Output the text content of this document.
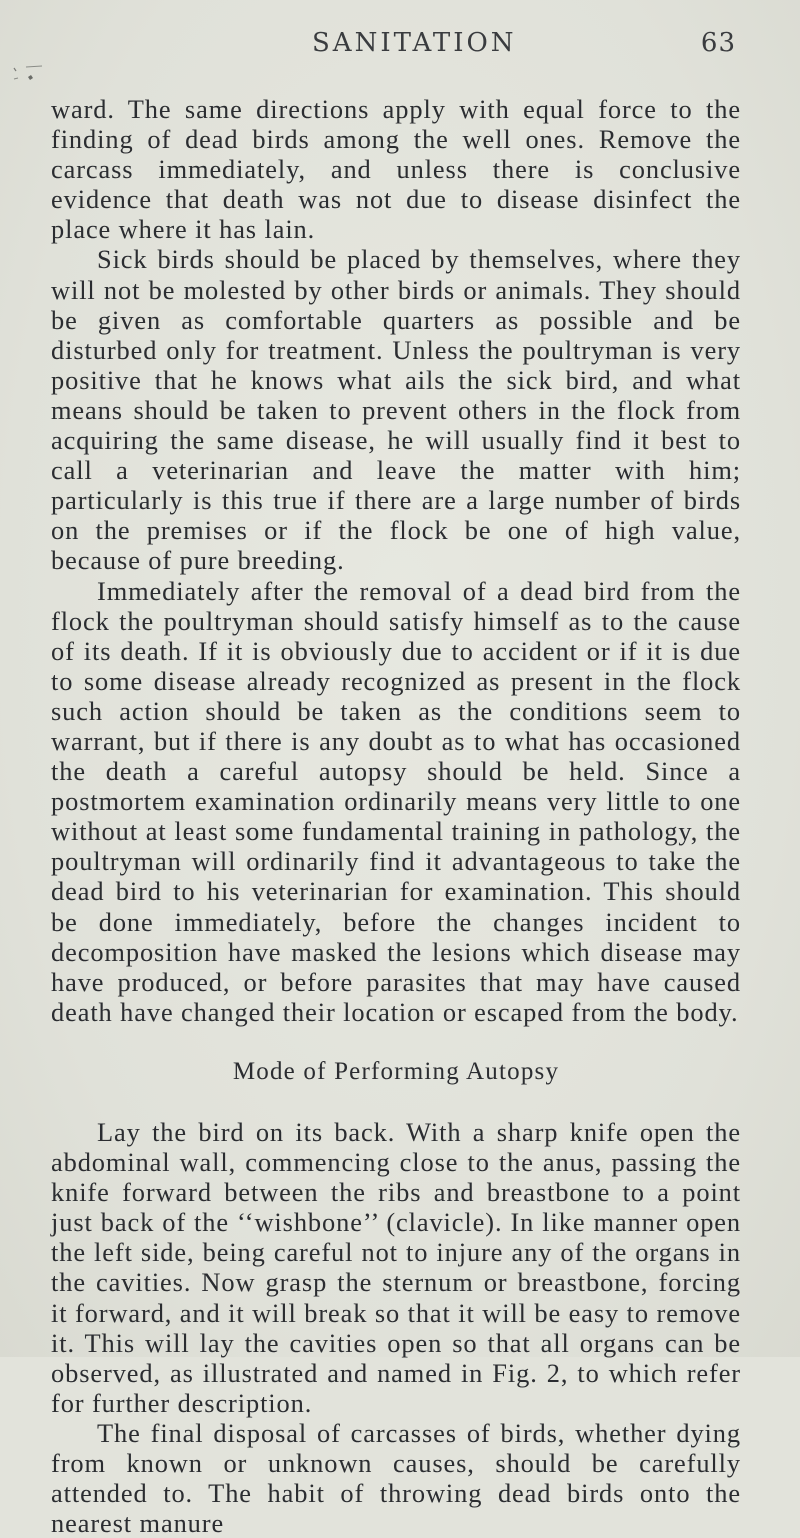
SANITATION	63

ward. The same directions apply with equal force to the finding of dead birds among the well ones. Remove the carcass immediately, and unless there is conclusive evidence that death was not due to disease disinfect the place where it has lain.

Sick birds should be placed by themselves, where they will not be molested by other birds or animals. They should be given as comfortable quarters as possible and be disturbed only for treatment. Unless the poultryman is very positive that he knows what ails the sick bird, and what means should be taken to prevent others in the flock from acquiring the same disease, he will usually find it best to call a veterinarian and leave the matter with him; particularly is this true if there are a large number of birds on the premises or if the flock be one of high value, because of pure breeding.

Immediately after the removal of a dead bird from the flock the poultryman should satisfy himself as to the cause of its death. If it is obviously due to accident or if it is due to some disease already recognized as present in the flock such action should be taken as the conditions seem to warrant, but if there is any doubt as to what has occasioned the death a careful autopsy should be held. Since a postmortem examination ordinarily means very little to one without at least some fundamental training in pathology, the poultryman will ordinarily find it advantageous to take the dead bird to his veterinarian for examination. This should be done immediately, before the changes incident to decomposition have masked the lesions which disease may have produced, or before parasites that may have caused death have changed their location or escaped from the body.

Mode of Performing Autopsy

Lay the bird on its back. With a sharp knife open the abdominal wall, commencing close to the anus, passing the knife forward between the ribs and breastbone to a point just back of the ‘‘wishbone’’ (clavicle). In like manner open the left side, being careful not to injure any of the organs in the cavities. Now grasp the sternum or breastbone, forcing it forward, and it will break so that it will be easy to remove it. This will lay the cavities open so that all organs can be observed, as illustrated and named in Fig. 2, to which refer for further description.

The final disposal of carcasses of birds, whether dying from known or unknown causes, should be carefully attended to. The habit of throwing dead birds onto the nearest manure
